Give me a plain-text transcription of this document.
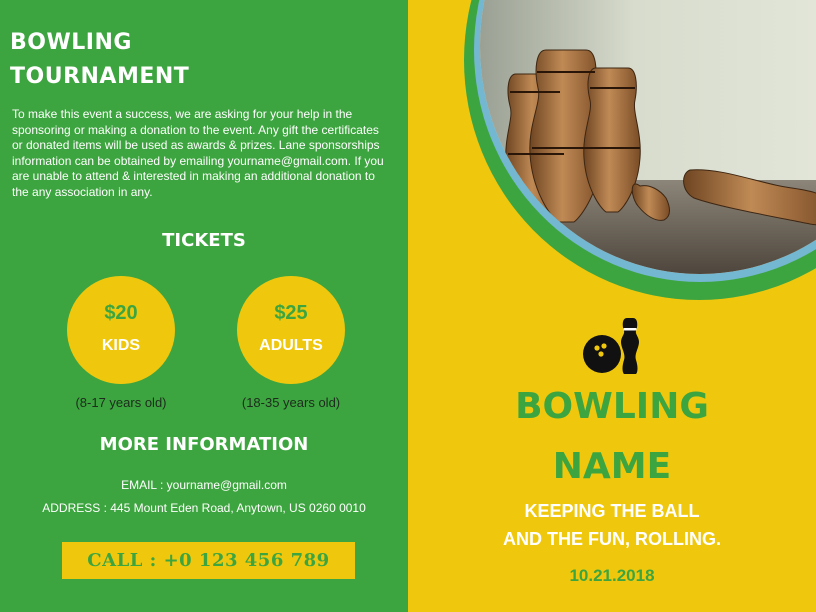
BOWLING
TOURNAMENT
To make this event a success, we are asking for your help in the sponsoring or making a donation to the event. Any gift the certificates or donated items will be used as awards & prizes. Lane sponsorships information can be obtained by emailing yourname@gmail.com. If you are unable to attend & interested in making an additional donation to the any association in any.
TICKETS
$20
KIDS
$25
ADULTS
(8-17 years old)	(18-35 years old)
MORE INFORMATION
EMAIL : yourname@gmail.com
ADDRESS : 445 Mount Eden Road, Anytown, US 0260 0010
CALL : +0 123 456 789
BOWLING
NAME
KEEPING THE BALL
AND THE FUN, ROLLING.
10.21.2018
